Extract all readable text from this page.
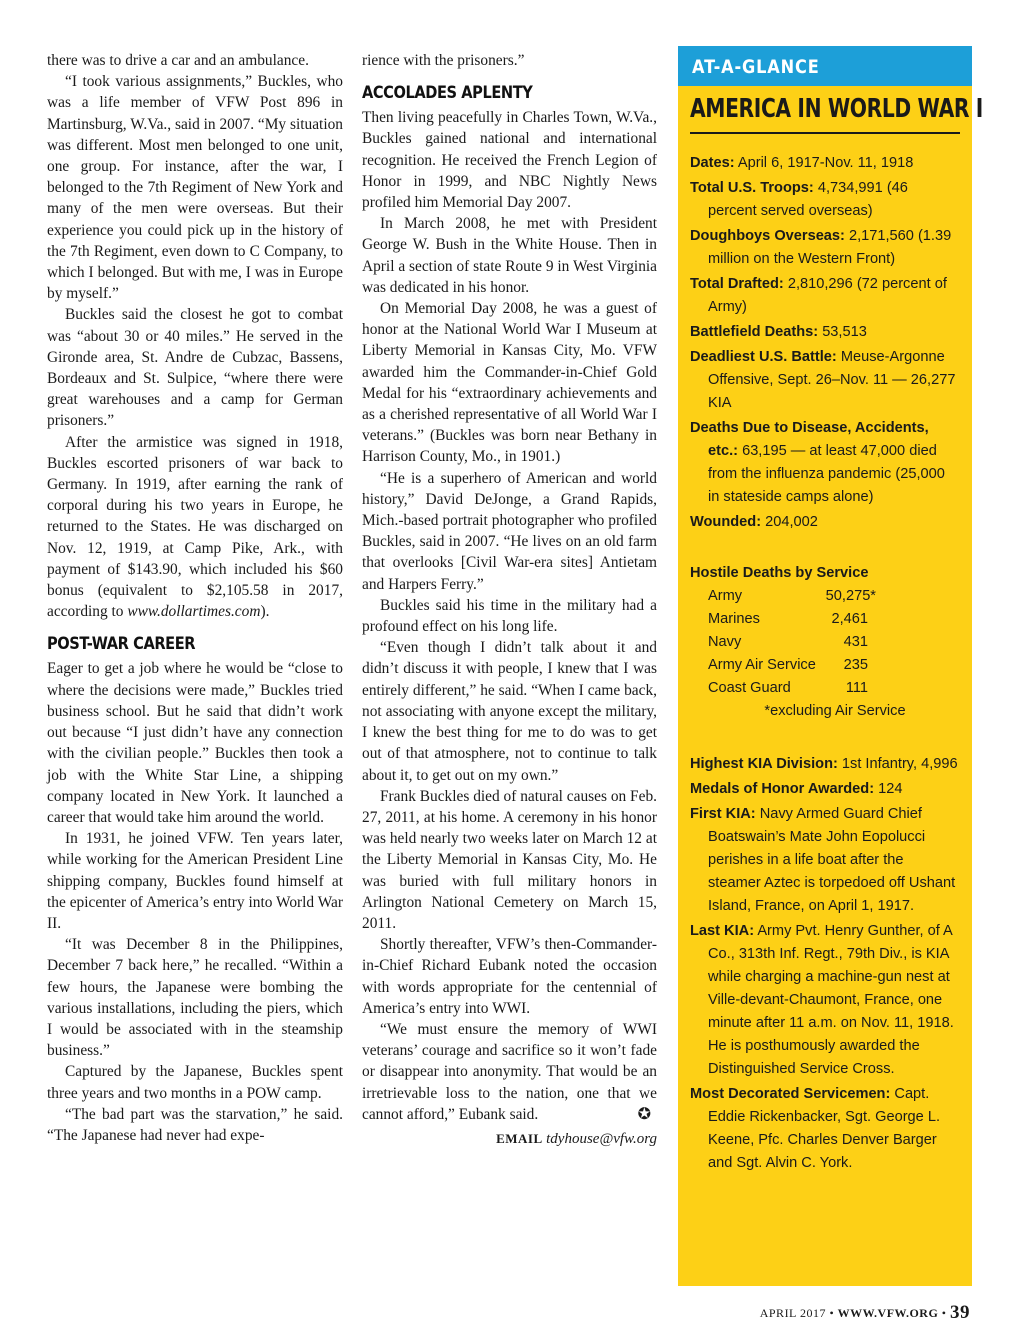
there was to drive a car and an ambulance.

“I took various assignments,” Buckles, who was a life member of VFW Post 896 in Martinsburg, W.Va., said in 2007. “My situation was different. Most men belonged to one unit, one group. For instance, after the war, I belonged to the 7th Regiment of New York and many of the men were overseas. But their experience you could pick up in the history of the 7th Regiment, even down to C Company, to which I belonged. But with me, I was in Europe by myself.”

Buckles said the closest he got to combat was “about 30 or 40 miles.” He served in the Gironde area, St. Andre de Cubzac, Bassens, Bordeaux and St. Sulpice, “where there were great warehouses and a camp for German prisoners.”

After the armistice was signed in 1918, Buckles escorted prisoners of war back to Germany. In 1919, after earning the rank of corporal during his two years in Europe, he returned to the States. He was discharged on Nov. 12, 1919, at Camp Pike, Ark., with payment of $143.90, which included his $60 bonus (equivalent to $2,105.58 in 2017, according to www.dollartimes.com).

POST-WAR CAREER

Eager to get a job where he would be “close to where the decisions were made,” Buckles tried business school. But he said that didn’t work out because “I just didn’t have any connection with the civilian people.” Buckles then took a job with the White Star Line, a shipping company located in New York. It launched a career that would take him around the world.

In 1931, he joined VFW. Ten years later, while working for the American President Line shipping company, Buckles found himself at the epicenter of America’s entry into World War II.

“It was December 8 in the Philippines, December 7 back here,” he recalled. “Within a few hours, the Japanese were bombing the various installations, including the piers, which I would be associated with in the steamship business.”

Captured by the Japanese, Buckles spent three years and two months in a POW camp.

“The bad part was the starvation,” he said. “The Japanese had never had expe-

rience with the prisoners.”

ACCOLADES APLENTY

Then living peacefully in Charles Town, W.Va., Buckles gained national and international recognition. He received the French Legion of Honor in 1999, and NBC Nightly News profiled him Memorial Day 2007.

In March 2008, he met with President George W. Bush in the White House. Then in April a section of state Route 9 in West Virginia was dedicated in his honor.

On Memorial Day 2008, he was a guest of honor at the National World War I Museum at Liberty Memorial in Kansas City, Mo. VFW awarded him the Commander-in-Chief Gold Medal for his “extraordinary achievements and as a cherished representative of all World War I veterans.” (Buckles was born near Bethany in Harrison County, Mo., in 1901.)

“He is a superhero of American and world history,” David DeJonge, a Grand Rapids, Mich.-based portrait photographer who profiled Buckles, said in 2007. “He lives on an old farm that overlooks [Civil War-era sites] Antietam and Harpers Ferry.”

Buckles said his time in the military had a profound effect on his long life.

“Even though I didn’t talk about it and didn’t discuss it with people, I knew that I was entirely different,” he said. “When I came back, not associating with anyone except the military, I knew the best thing for me to do was to get out of that atmosphere, not to continue to talk about it, to get out on my own.”

Frank Buckles died of natural causes on Feb. 27, 2011, at his home. A ceremony in his honor was held nearly two weeks later on March 12 at the Liberty Memorial in Kansas City, Mo. He was buried with full military honors in Arlington National Cemetery on March 15, 2011.

Shortly thereafter, VFW’s then-Commander-in-Chief Richard Eubank noted the occasion with words appropriate for the centennial of America’s entry into WWI.

“We must ensure the memory of WWI veterans’ courage and sacrifice so it won’t fade or disappear into anonymity. That would be an irretrievable loss to the nation, one that we cannot afford,” Eubank said.	✪

EMAIL tdyhouse@vfw.org
AT-A-GLANCE
AMERICA IN WORLD WAR I
Dates: April 6, 1917-Nov. 11, 1918
Total U.S. Troops: 4,734,991 (46 percent served overseas)
Doughboys Overseas: 2,171,560 (1.39 million on the Western Front)
Total Drafted: 2,810,296 (72 percent of Army)
Battlefield Deaths: 53,513
Deadliest U.S. Battle: Meuse-Argonne Offensive, Sept. 26–Nov. 11 — 26,277 KIA
Deaths Due to Disease, Accidents, etc.: 63,195 — at least 47,000 died from the influenza pandemic (25,000 in stateside camps alone)
Wounded: 204,002
Hostile Deaths by Service
Army	50,275*
Marines	2,461
Navy	431
Army Air Service 235
Coast Guard	111
*excluding Air Service
Highest KIA Division: 1st Infantry, 4,996
Medals of Honor Awarded: 124
First KIA: Navy Armed Guard Chief Boatswain’s Mate John Eopolucci perishes in a life boat after the steamer Aztec is torpedoed off Ushant Island, France, on April 1, 1917.
Last KIA: Army Pvt. Henry Gunther, of A Co., 313th Inf. Regt., 79th Div., is KIA while charging a machine-gun nest at Ville-devant-Chaumont, France, one minute after 11 a.m. on Nov. 11, 1918. He is posthumously awarded the Distinguished Service Cross.
Most Decorated Servicemen: Capt. Eddie Rickenbacker, Sgt. George L. Keene, Pfc. Charles Denver Barger and Sgt. Alvin C. York.
APRIL 2017 • WWW.VFW.ORG • 39
